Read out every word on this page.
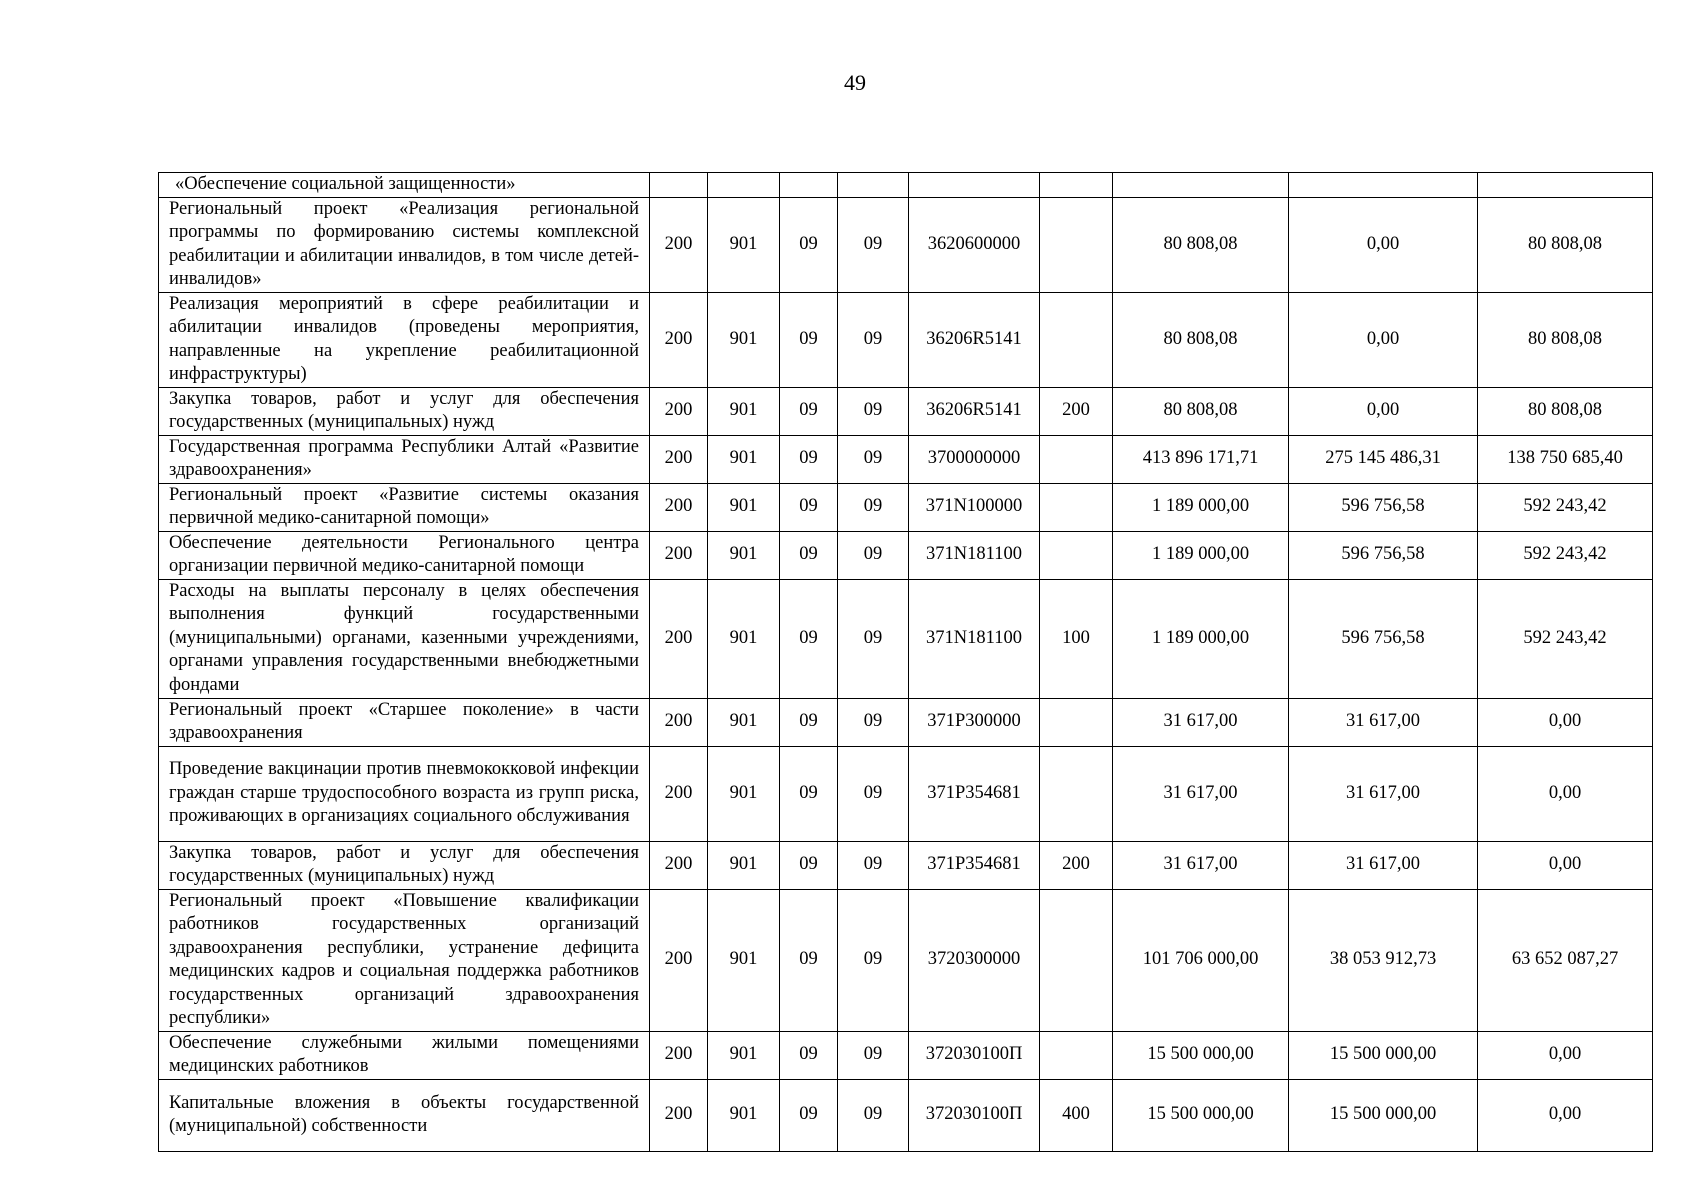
49
«Обеспечение социальной защищенности»									
Региональный проект «Реализация региональной программы по формированию системы комплексной реабилитации и абилитации инвалидов, в том числе детей-инвалидов»	200	901	09	09	3620600000		80 808,08	0,00	80 808,08
Реализация мероприятий в сфере реабилитации и абилитации инвалидов (проведены мероприятия, направленные на укрепление реабилитационной инфраструктуры)	200	901	09	09	36206R5141		80 808,08	0,00	80 808,08
Закупка товаров, работ и услуг для обеспечения государственных (муниципальных) нужд	200	901	09	09	36206R5141	200	80 808,08	0,00	80 808,08
Государственная программа Республики Алтай «Развитие здравоохранения»	200	901	09	09	3700000000		413 896 171,71	275 145 486,31	138 750 685,40
Региональный проект «Развитие системы оказания первичной медико-санитарной помощи»	200	901	09	09	371N100000		1 189 000,00	596 756,58	592 243,42
Обеспечение деятельности Регионального центра организации первичной медико-санитарной помощи	200	901	09	09	371N181100		1 189 000,00	596 756,58	592 243,42
Расходы на выплаты персоналу в целях обеспечения выполнения функций государственными (муниципальными) органами, казенными учреждениями, органами управления государственными внебюджетными фондами	200	901	09	09	371N181100	100	1 189 000,00	596 756,58	592 243,42
Региональный проект «Старшее поколение» в части здравоохранения	200	901	09	09	371P300000		31 617,00	31 617,00	0,00
Проведение вакцинации против пневмококковой инфекции граждан старше трудоспособного возраста из групп риска, проживающих в организациях социального обслуживания	200	901	09	09	371P354681		31 617,00	31 617,00	0,00
Закупка товаров, работ и услуг для обеспечения государственных (муниципальных) нужд	200	901	09	09	371P354681	200	31 617,00	31 617,00	0,00
Региональный проект «Повышение квалификации работников государственных организаций здравоохранения республики, устранение дефицита медицинских кадров и социальная поддержка работников государственных организаций здравоохранения республики»	200	901	09	09	3720300000		101 706 000,00	38 053 912,73	63 652 087,27
Обеспечение служебными жилыми помещениями медицинских работников	200	901	09	09	372030100П		15 500 000,00	15 500 000,00	0,00
Капитальные вложения в объекты государственной (муниципальной) собственности	200	901	09	09	372030100П	400	15 500 000,00	15 500 000,00	0,00
